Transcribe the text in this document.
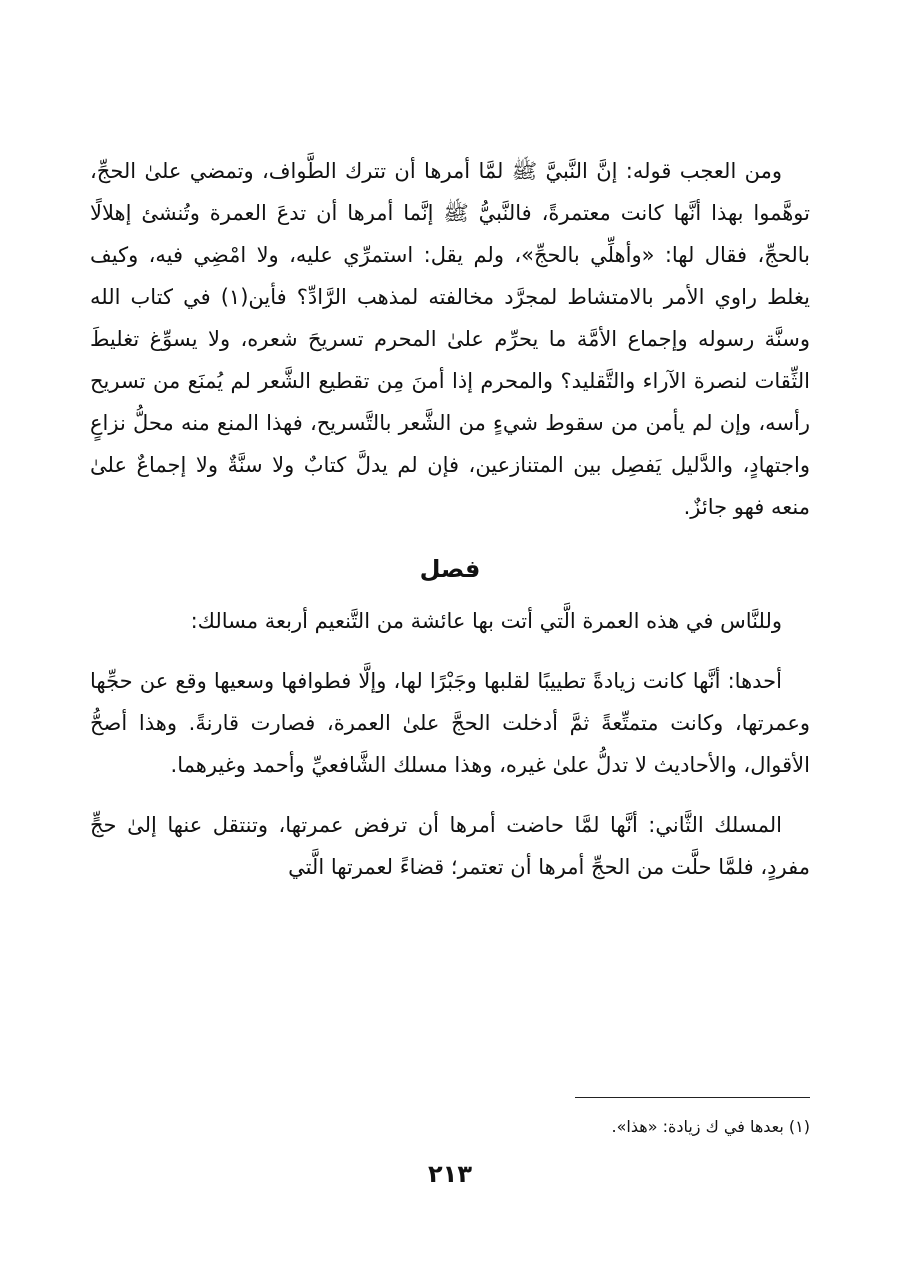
ومن العجب قوله: إنَّ النَّبيَّ ﷺ لمَّا أمرها أن تترك الطَّواف، وتمضي علىٰ الحجِّ، توهَّموا بهذا أنَّها كانت معتمرةً، فالنَّبيُّ ﷺ إنَّما أمرها أن تدعَ العمرة وتُنشئ إهلالًا بالحجِّ، فقال لها: «وأهلِّي بالحجِّ»، ولم يقل: استمرِّي عليه، ولا امْضِي فيه، وكيف يغلط راوي الأمر بالامتشاط لمجرَّد مخالفته لمذهب الرَّادِّ؟ فأين(١) في كتاب الله وسنَّة رسوله وإجماع الأمَّة ما يحرِّم علىٰ المحرم تسريحَ شعره، ولا يسوِّغ تغليطَ الثِّقات لنصرة الآراء والتَّقليد؟ والمحرم إذا أمنَ مِن تقطيع الشَّعر لم يُمنَع من تسريح رأسه، وإن لم يأمن من سقوط شيءٍ من الشَّعر بالتَّسريح، فهذا المنع منه محلُّ نزاعٍ واجتهادٍ، والدَّليل يَفصِل بين المتنازعين، فإن لم يدلَّ كتابٌ ولا سنَّةٌ ولا إجماعٌ علىٰ منعه فهو جائزٌ.

فصل

وللنَّاس في هذه العمرة الَّتي أتت بها عائشة من التَّنعيم أربعة مسالك:

أحدها: أنَّها كانت زيادةً تطييبًا لقلبها وجَبْرًا لها، وإلَّا فطوافها وسعيها وقع عن حجِّها وعمرتها، وكانت متمتِّعةً ثمَّ أدخلت الحجَّ علىٰ العمرة، فصارت قارنةً. وهذا أصحُّ الأقوال، والأحاديث لا تدلُّ علىٰ غيره، وهذا مسلك الشَّافعيِّ وأحمد وغيرهما.

المسلك الثَّاني: أنَّها لمَّا حاضت أمرها أن ترفض عمرتها، وتنتقل عنها إلىٰ حجٍّ مفردٍ، فلمَّا حلَّت من الحجِّ أمرها أن تعتمر؛ قضاءً لعمرتها الَّتي

(١) بعدها في ك زيادة: «هذا».
٢١٣
